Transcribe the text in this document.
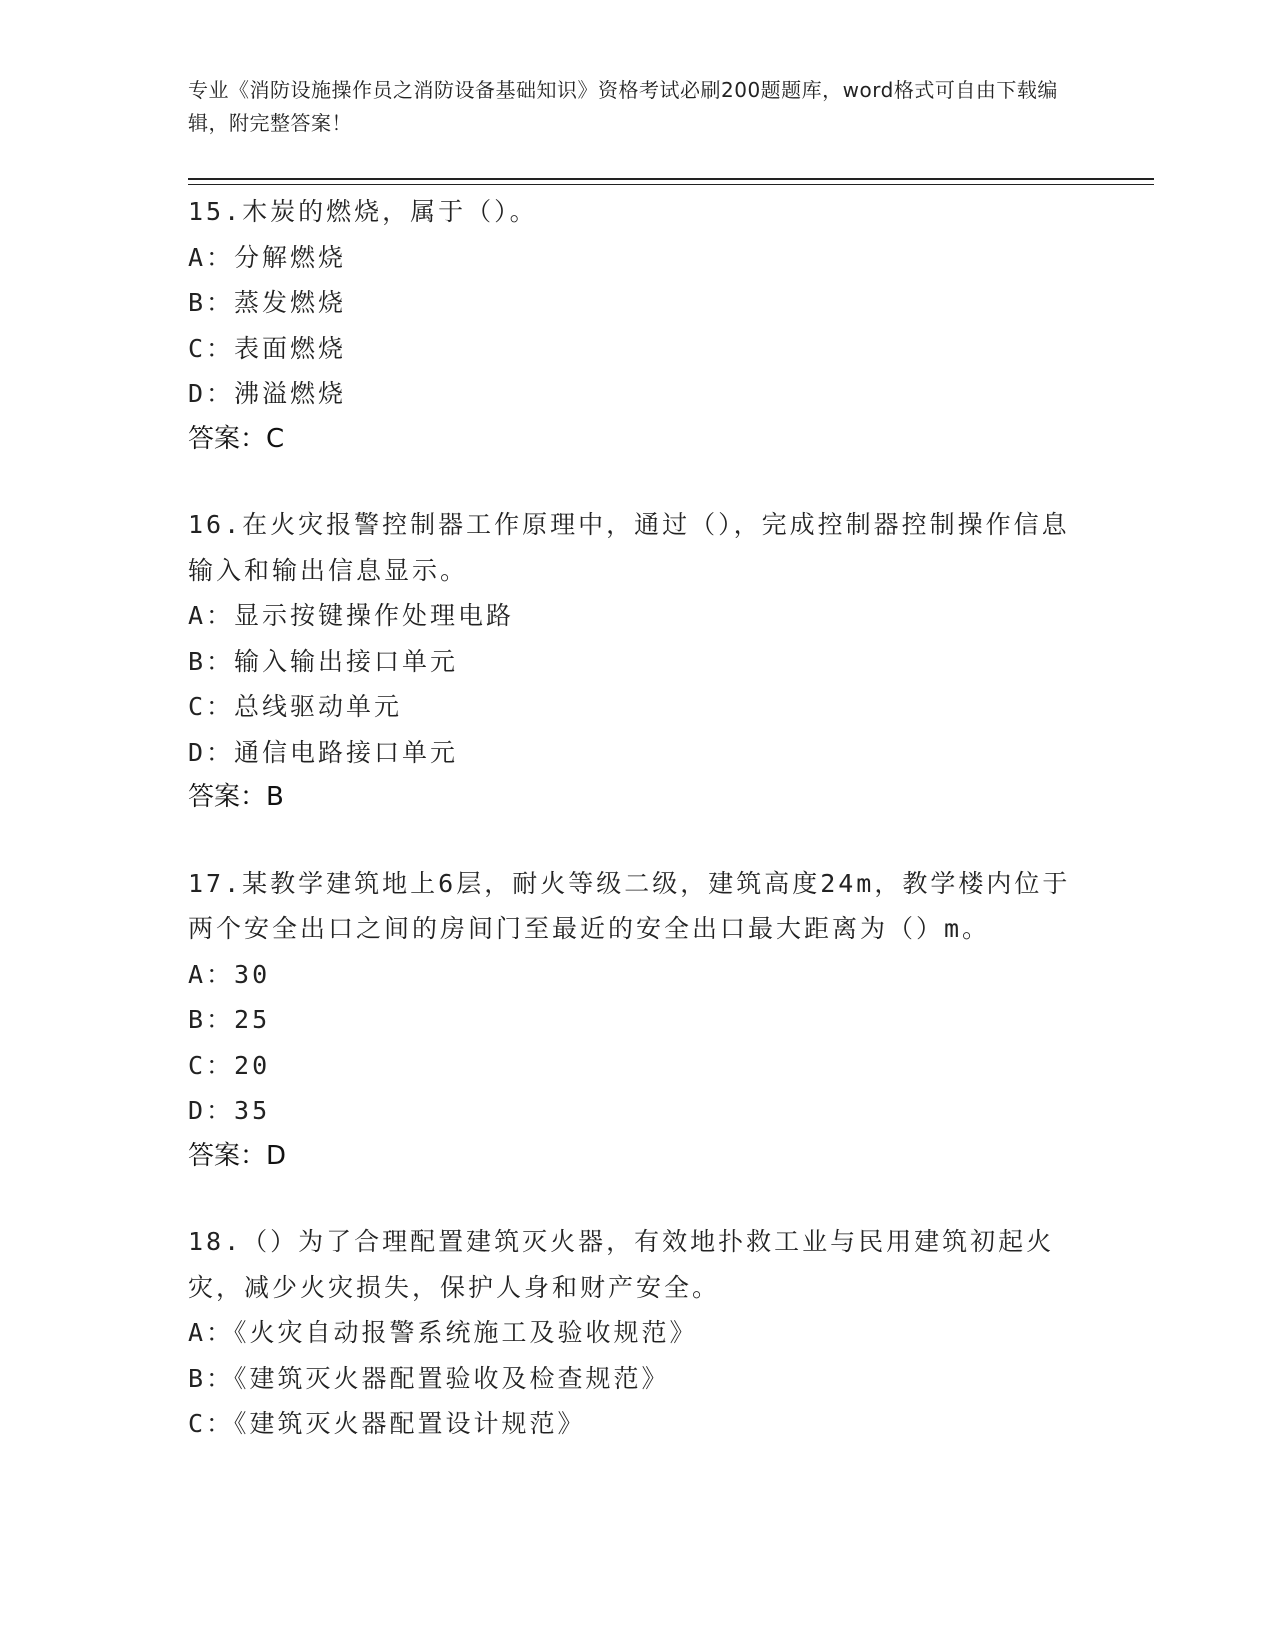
专业《消防设施操作员之消防设备基础知识》资格考试必刷200题题库，word格式可自由下载编辑，附完整答案！

15.木炭的燃烧，属于（）。

A：分解燃烧

B：蒸发燃烧

C：表面燃烧

D：沸溢燃烧

答案：C

16.在火灾报警控制器工作原理中，通过（），完成控制器控制操作信息输入和输出信息显示。

A：显示按键操作处理电路

B：输入输出接口单元

C：总线驱动单元

D：通信电路接口单元

答案：B

17.某教学建筑地上6层，耐火等级二级，建筑高度24m，教学楼内位于两个安全出口之间的房间门至最近的安全出口最大距离为（）m。

A：30

B：25

C：20

D：35

答案：D

18.（）为了合理配置建筑灭火器，有效地扑救工业与民用建筑初起火灾，减少火灾损失，保护人身和财产安全。

A：《火灾自动报警系统施工及验收规范》

B：《建筑灭火器配置验收及检查规范》

C：《建筑灭火器配置设计规范》
